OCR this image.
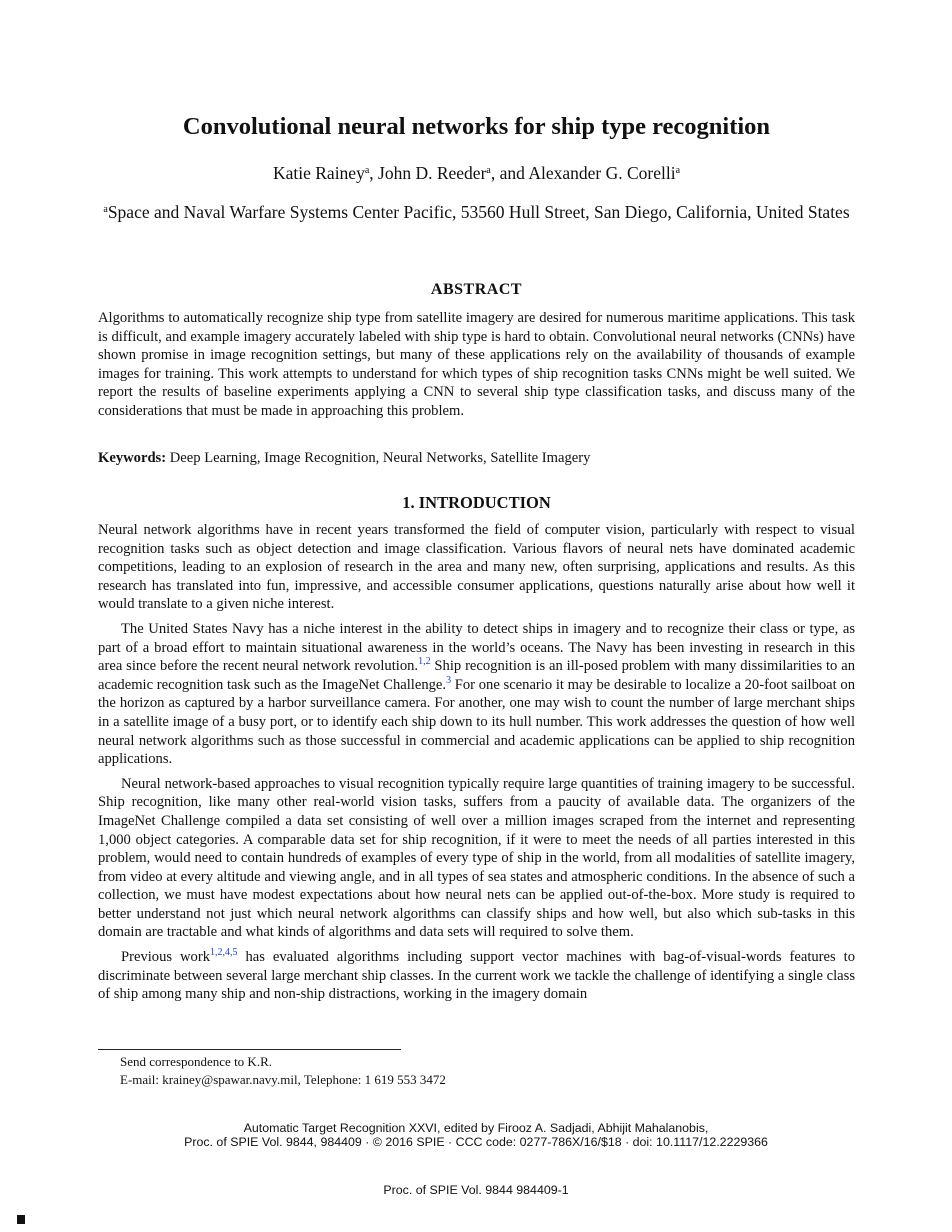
Convolutional neural networks for ship type recognition
Katie Rainey$^a$, John D. Reeder$^a$, and Alexander G. Corelli$^a$
$^a$Space and Naval Warfare Systems Center Pacific, 53560 Hull Street, San Diego, California, United States
ABSTRACT
Algorithms to automatically recognize ship type from satellite imagery are desired for numerous maritime applications. This task is difficult, and example imagery accurately labeled with ship type is hard to obtain. Convolutional neural networks (CNNs) have shown promise in image recognition settings, but many of these applications rely on the availability of thousands of example images for training. This work attempts to understand for which types of ship recognition tasks CNNs might be well suited. We report the results of baseline experiments applying a CNN to several ship type classification tasks, and discuss many of the considerations that must be made in approaching this problem.
Keywords: Deep Learning, Image Recognition, Neural Networks, Satellite Imagery
1. INTRODUCTION

Neural network algorithms have in recent years transformed the field of computer vision, particularly with respect to visual recognition tasks such as object detection and image classification. Various flavors of neural nets have dominated academic competitions, leading to an explosion of research in the area and many new, often surprising, applications and results. As this research has translated into fun, impressive, and accessible consumer applications, questions naturally arise about how well it would translate to a given niche interest.

The United States Navy has a niche interest in the ability to detect ships in imagery and to recognize their class or type, as part of a broad effort to maintain situational awareness in the world’s oceans. The Navy has been investing in research in this area since before the recent neural network revolution.$^{1,2}$ Ship recognition is an ill-posed problem with many dissimilarities to an academic recognition task such as the ImageNet Challenge.$^3$ For one scenario it may be desirable to localize a 20-foot sailboat on the horizon as captured by a harbor surveillance camera. For another, one may wish to count the number of large merchant ships in a satellite image of a busy port, or to identify each ship down to its hull number. This work addresses the question of how well neural network algorithms such as those successful in commercial and academic applications can be applied to ship recognition applications.

Neural network-based approaches to visual recognition typically require large quantities of training imagery to be successful. Ship recognition, like many other real-world vision tasks, suffers from a paucity of available data. The organizers of the ImageNet Challenge compiled a data set consisting of well over a million images scraped from the internet and representing 1,000 object categories. A comparable data set for ship recognition, if it were to meet the needs of all parties interested in this problem, would need to contain hundreds of examples of every type of ship in the world, from all modalities of satellite imagery, from video at every altitude and viewing angle, and in all types of sea states and atmospheric conditions. In the absence of such a collection, we must have modest expectations about how neural nets can be applied out-of-the-box. More study is required to better understand not just which neural network algorithms can classify ships and how well, but also which sub-tasks in this domain are tractable and what kinds of algorithms and data sets will required to solve them.

Previous work$^{1,2,4,5}$ has evaluated algorithms including support vector machines with bag-of-visual-words features to discriminate between several large merchant ship classes. In the current work we tackle the challenge of identifying a single class of ship among many ship and non-ship distractions, working in the imagery domain

Send correspondence to K.R.
E-mail: krainey@spawar.navy.mil, Telephone: 1 619 553 3472
Automatic Target Recognition XXVI, edited by Firooz A. Sadjadi, Abhijit Mahalanobis,
Proc. of SPIE Vol. 9844, 984409 · © 2016 SPIE · CCC code: 0277-786X/16/$18 · doi: 10.1117/12.2229366
Proc. of SPIE Vol. 9844 984409-1
